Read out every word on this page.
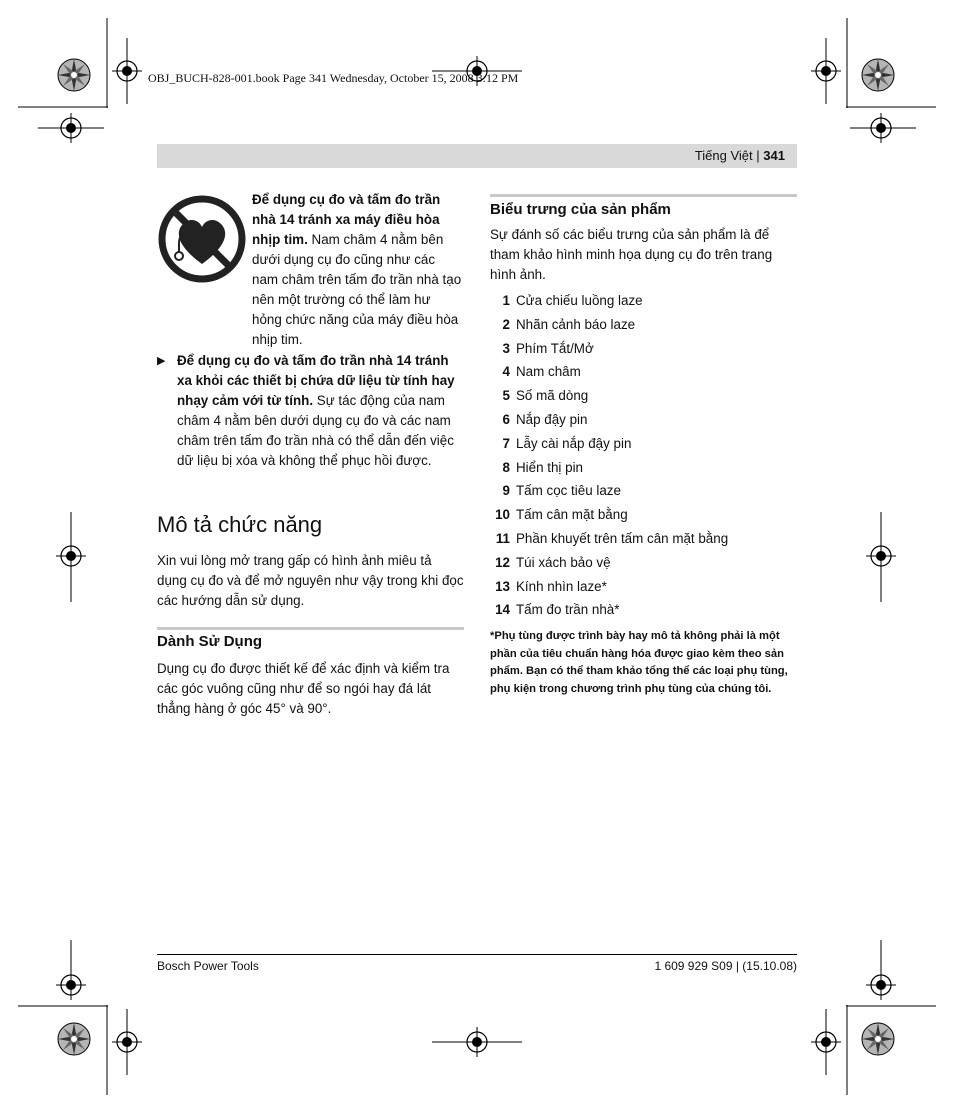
OBJ_BUCH-828-001.book Page 341 Wednesday, October 15, 2008 3:12 PM
Tiếng Việt | 341
Để dụng cụ đo và tấm đo trần nhà 14 tránh xa máy điều hòa nhịp tim. Nam châm 4 nằm bên dưới dụng cụ đo cũng như các nam châm trên tấm đo trần nhà tạo nên một trường có thể làm hư hỏng chức năng của máy điều hòa nhịp tim.
▶ Để dụng cụ đo và tấm đo trần nhà 14 tránh xa khỏi các thiết bị chứa dữ liệu từ tính hay nhạy cảm với từ tính. Sự tác động của nam châm 4 nằm bên dưới dụng cụ đo và các nam châm trên tấm đo trần nhà có thể dẫn đến việc dữ liệu bị xóa và không thể phục hồi được.
Mô tả chức năng
Xin vui lòng mở trang gấp có hình ảnh miêu tả dụng cụ đo và để mở nguyên như vậy trong khi đọc các hướng dẫn sử dụng.
Dành Sử Dụng
Dụng cụ đo được thiết kế để xác định và kiểm tra các góc vuông cũng như để so ngói hay đá lát thẳng hàng ở góc 45° và 90°.
Biểu trưng của sản phẩm
Sự đánh số các biểu trưng của sản phẩm là để tham khảo hình minh họa dụng cụ đo trên trang hình ảnh.
1 Cửa chiếu luồng laze
2 Nhãn cảnh báo laze
3 Phím Tắt/Mở
4 Nam châm
5 Số mã dòng
6 Nắp đậy pin
7 Lẫy cài nắp đậy pin
8 Hiển thị pin
9 Tấm cọc tiêu laze
10 Tấm cân mặt bằng
11 Phần khuyết trên tấm cân mặt bằng
12 Túi xách bảo vệ
13 Kính nhìn laze*
14 Tấm đo trần nhà*
*Phụ tùng được trình bày hay mô tả không phải là một phần của tiêu chuẩn hàng hóa được giao kèm theo sản phẩm. Bạn có thể tham khảo tổng thể các loại phụ tùng, phụ kiện trong chương trình phụ tùng của chúng tôi.
Bosch Power Tools	1 609 929 S09 | (15.10.08)
